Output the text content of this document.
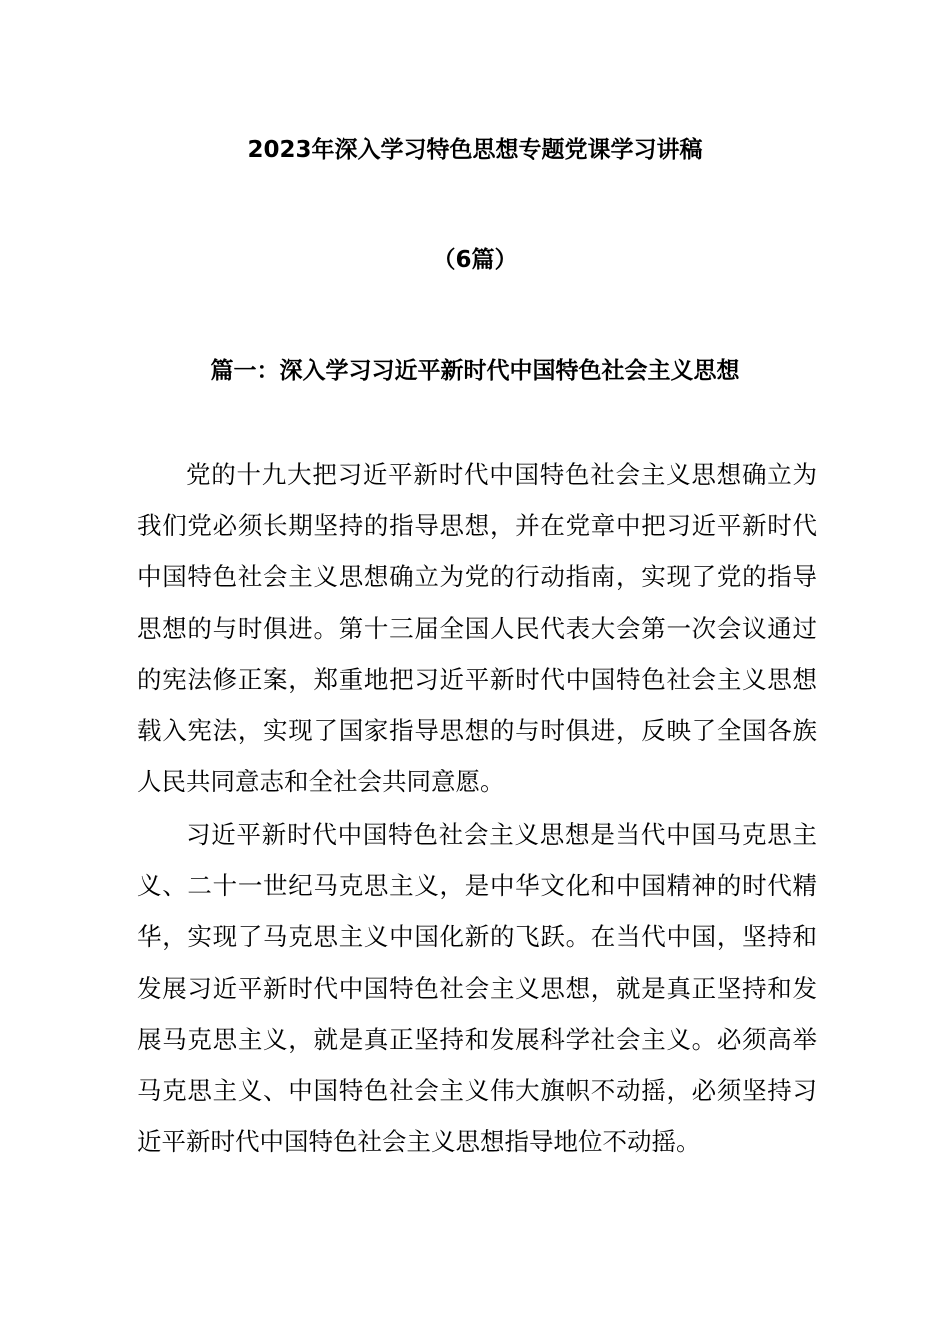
2023年深入学习特色思想专题党课学习讲稿
（6篇）
篇一：深入学习习近平新时代中国特色社会主义思想

党的十九大把习近平新时代中国特色社会主义思想确立为我们党必须长期坚持的指导思想，并在党章中把习近平新时代中国特色社会主义思想确立为党的行动指南，实现了党的指导思想的与时俱进。第十三届全国人民代表大会第一次会议通过的宪法修正案，郑重地把习近平新时代中国特色社会主义思想载入宪法，实现了国家指导思想的与时俱进，反映了全国各族人民共同意志和全社会共同意愿。

习近平新时代中国特色社会主义思想是当代中国马克思主义、二十一世纪马克思主义，是中华文化和中国精神的时代精华，实现了马克思主义中国化新的飞跃。在当代中国，坚持和发展习近平新时代中国特色社会主义思想，就是真正坚持和发展马克思主义，就是真正坚持和发展科学社会主义。必须高举马克思主义、中国特色社会主义伟大旗帜不动摇，必须坚持习近平新时代中国特色社会主义思想指导地位不动摇。
